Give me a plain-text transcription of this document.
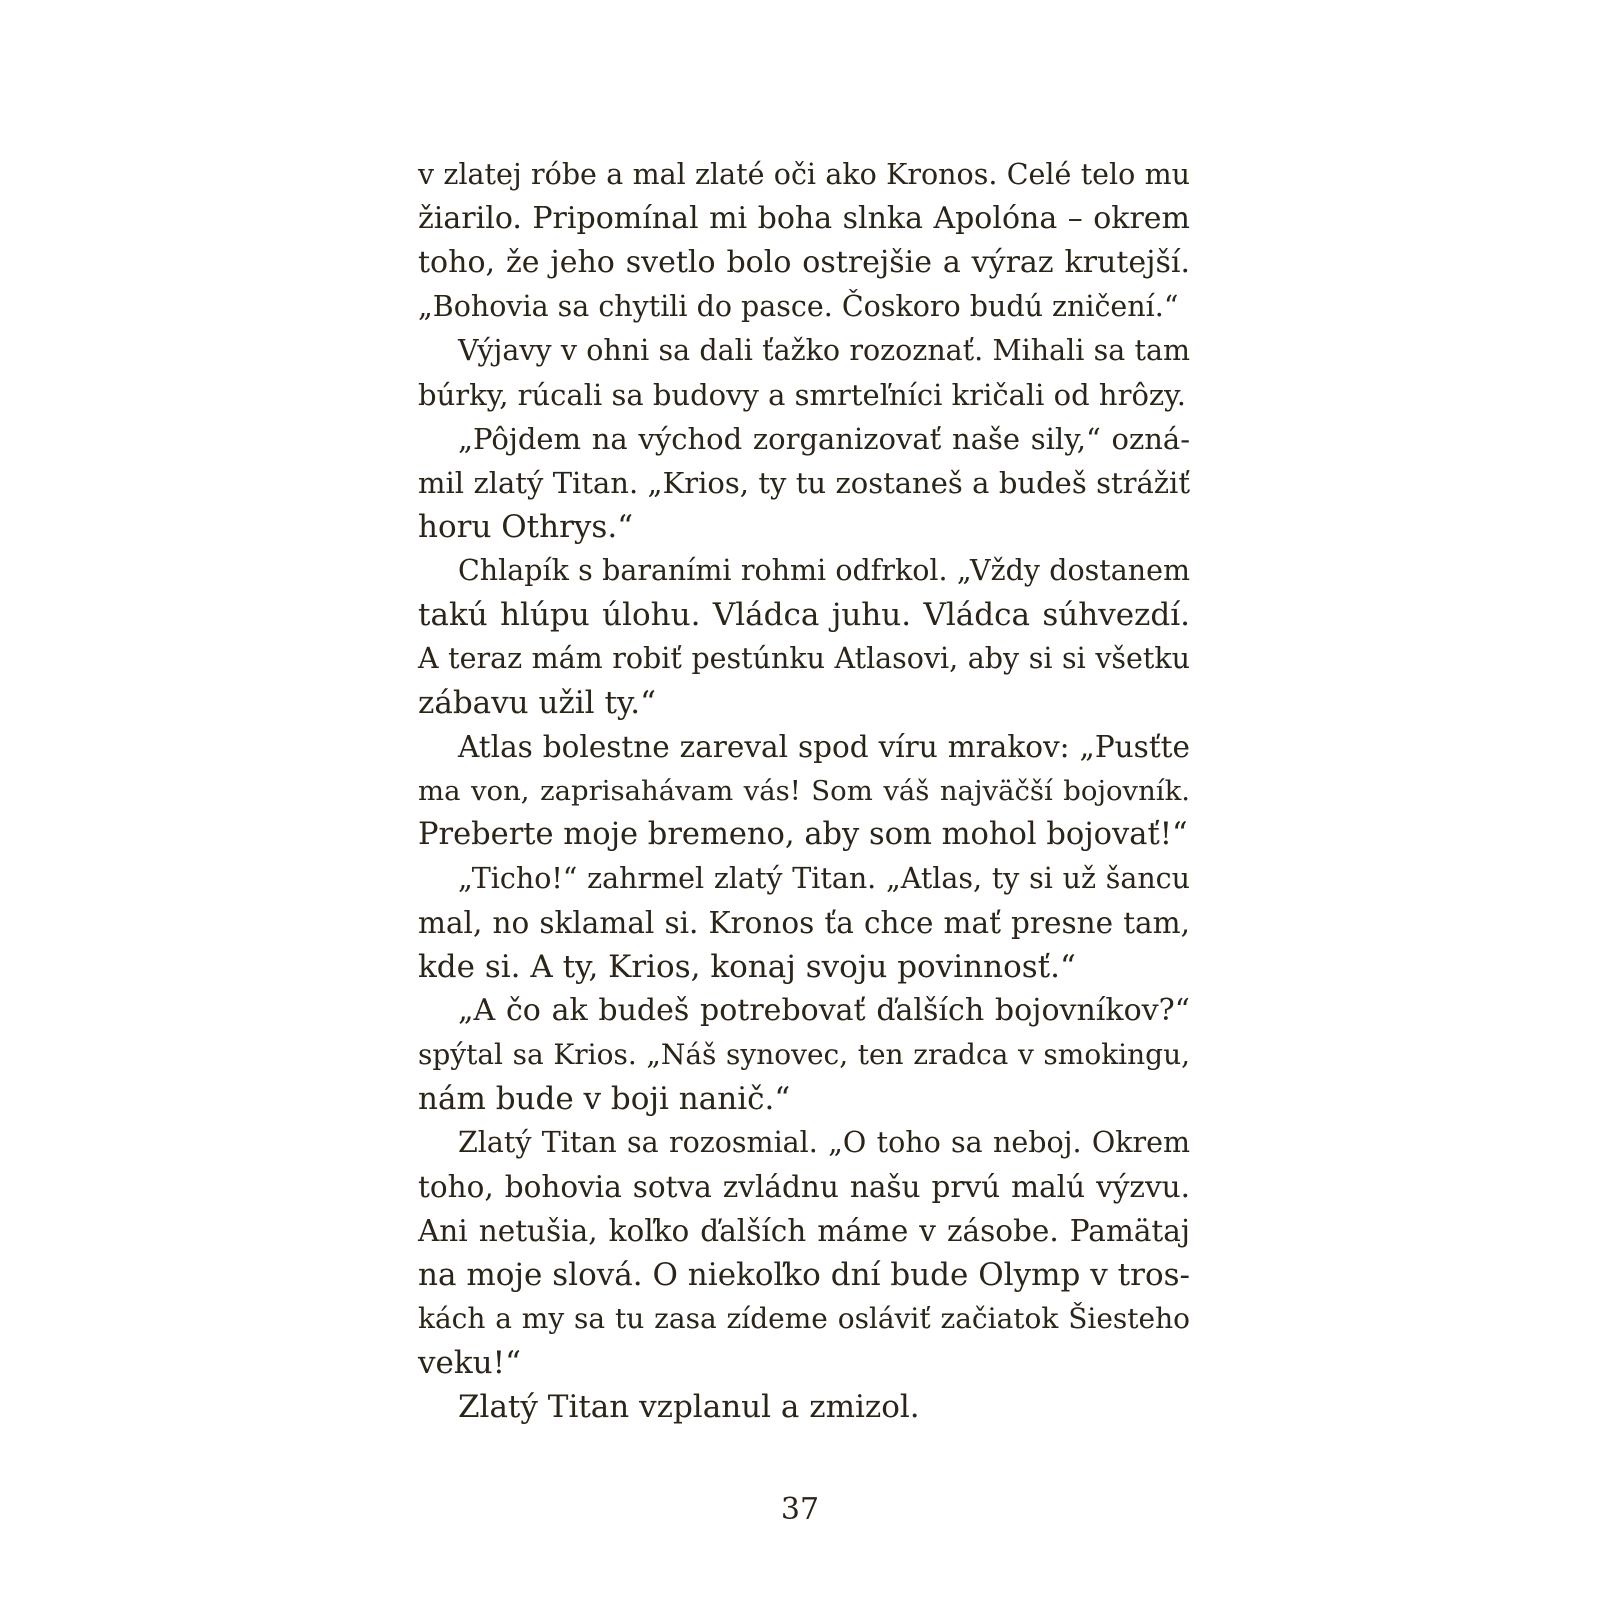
v zlatej róbe a mal zlaté oči ako Kronos. Celé telo mu
žiarilo. Pripomínal mi boha slnka Apolóna – okrem
toho, že jeho svetlo bolo ostrejšie a výraz krutejší.
„Bohovia sa chytili do pasce. Čoskoro budú zničení.“
Výjavy v ohni sa dali ťažko rozoznať. Mihali sa tam
búrky, rúcali sa budovy a smrteľníci kričali od hrôzy.
„Pôjdem na východ zorganizovať naše sily,“ ozná-
mil zlatý Titan. „Krios, ty tu zostaneš a budeš strážiť
horu Othrys.“
Chlapík s baraními rohmi odfrkol. „Vždy dostanem
takú hlúpu úlohu. Vládca juhu. Vládca súhvezdí.
A teraz mám robiť pestúnku Atlasovi, aby si si všetku
zábavu užil ty.“
Atlas bolestne zareval spod víru mrakov: „Pusťte
ma von, zaprisahávam vás! Som váš najväčší bojovník.
Preberte moje bremeno, aby som mohol bojovať!“
„Ticho!“ zahrmel zlatý Titan. „Atlas, ty si už šancu
mal, no sklamal si. Kronos ťa chce mať presne tam,
kde si. A ty, Krios, konaj svoju povinnosť.“
„A čo ak budeš potrebovať ďalších bojovníkov?“
spýtal sa Krios. „Náš synovec, ten zradca v smokingu,
nám bude v boji nanič.“
Zlatý Titan sa rozosmial. „O toho sa neboj. Okrem
toho, bohovia sotva zvládnu našu prvú malú výzvu.
Ani netušia, koľko ďalších máme v zásobe. Pamätaj
na moje slová. O niekoľko dní bude Olymp v tros-
kách a my sa tu zasa zídeme osláviť začiatok Šiesteho
veku!“
Zlatý Titan vzplanul a zmizol.
37
